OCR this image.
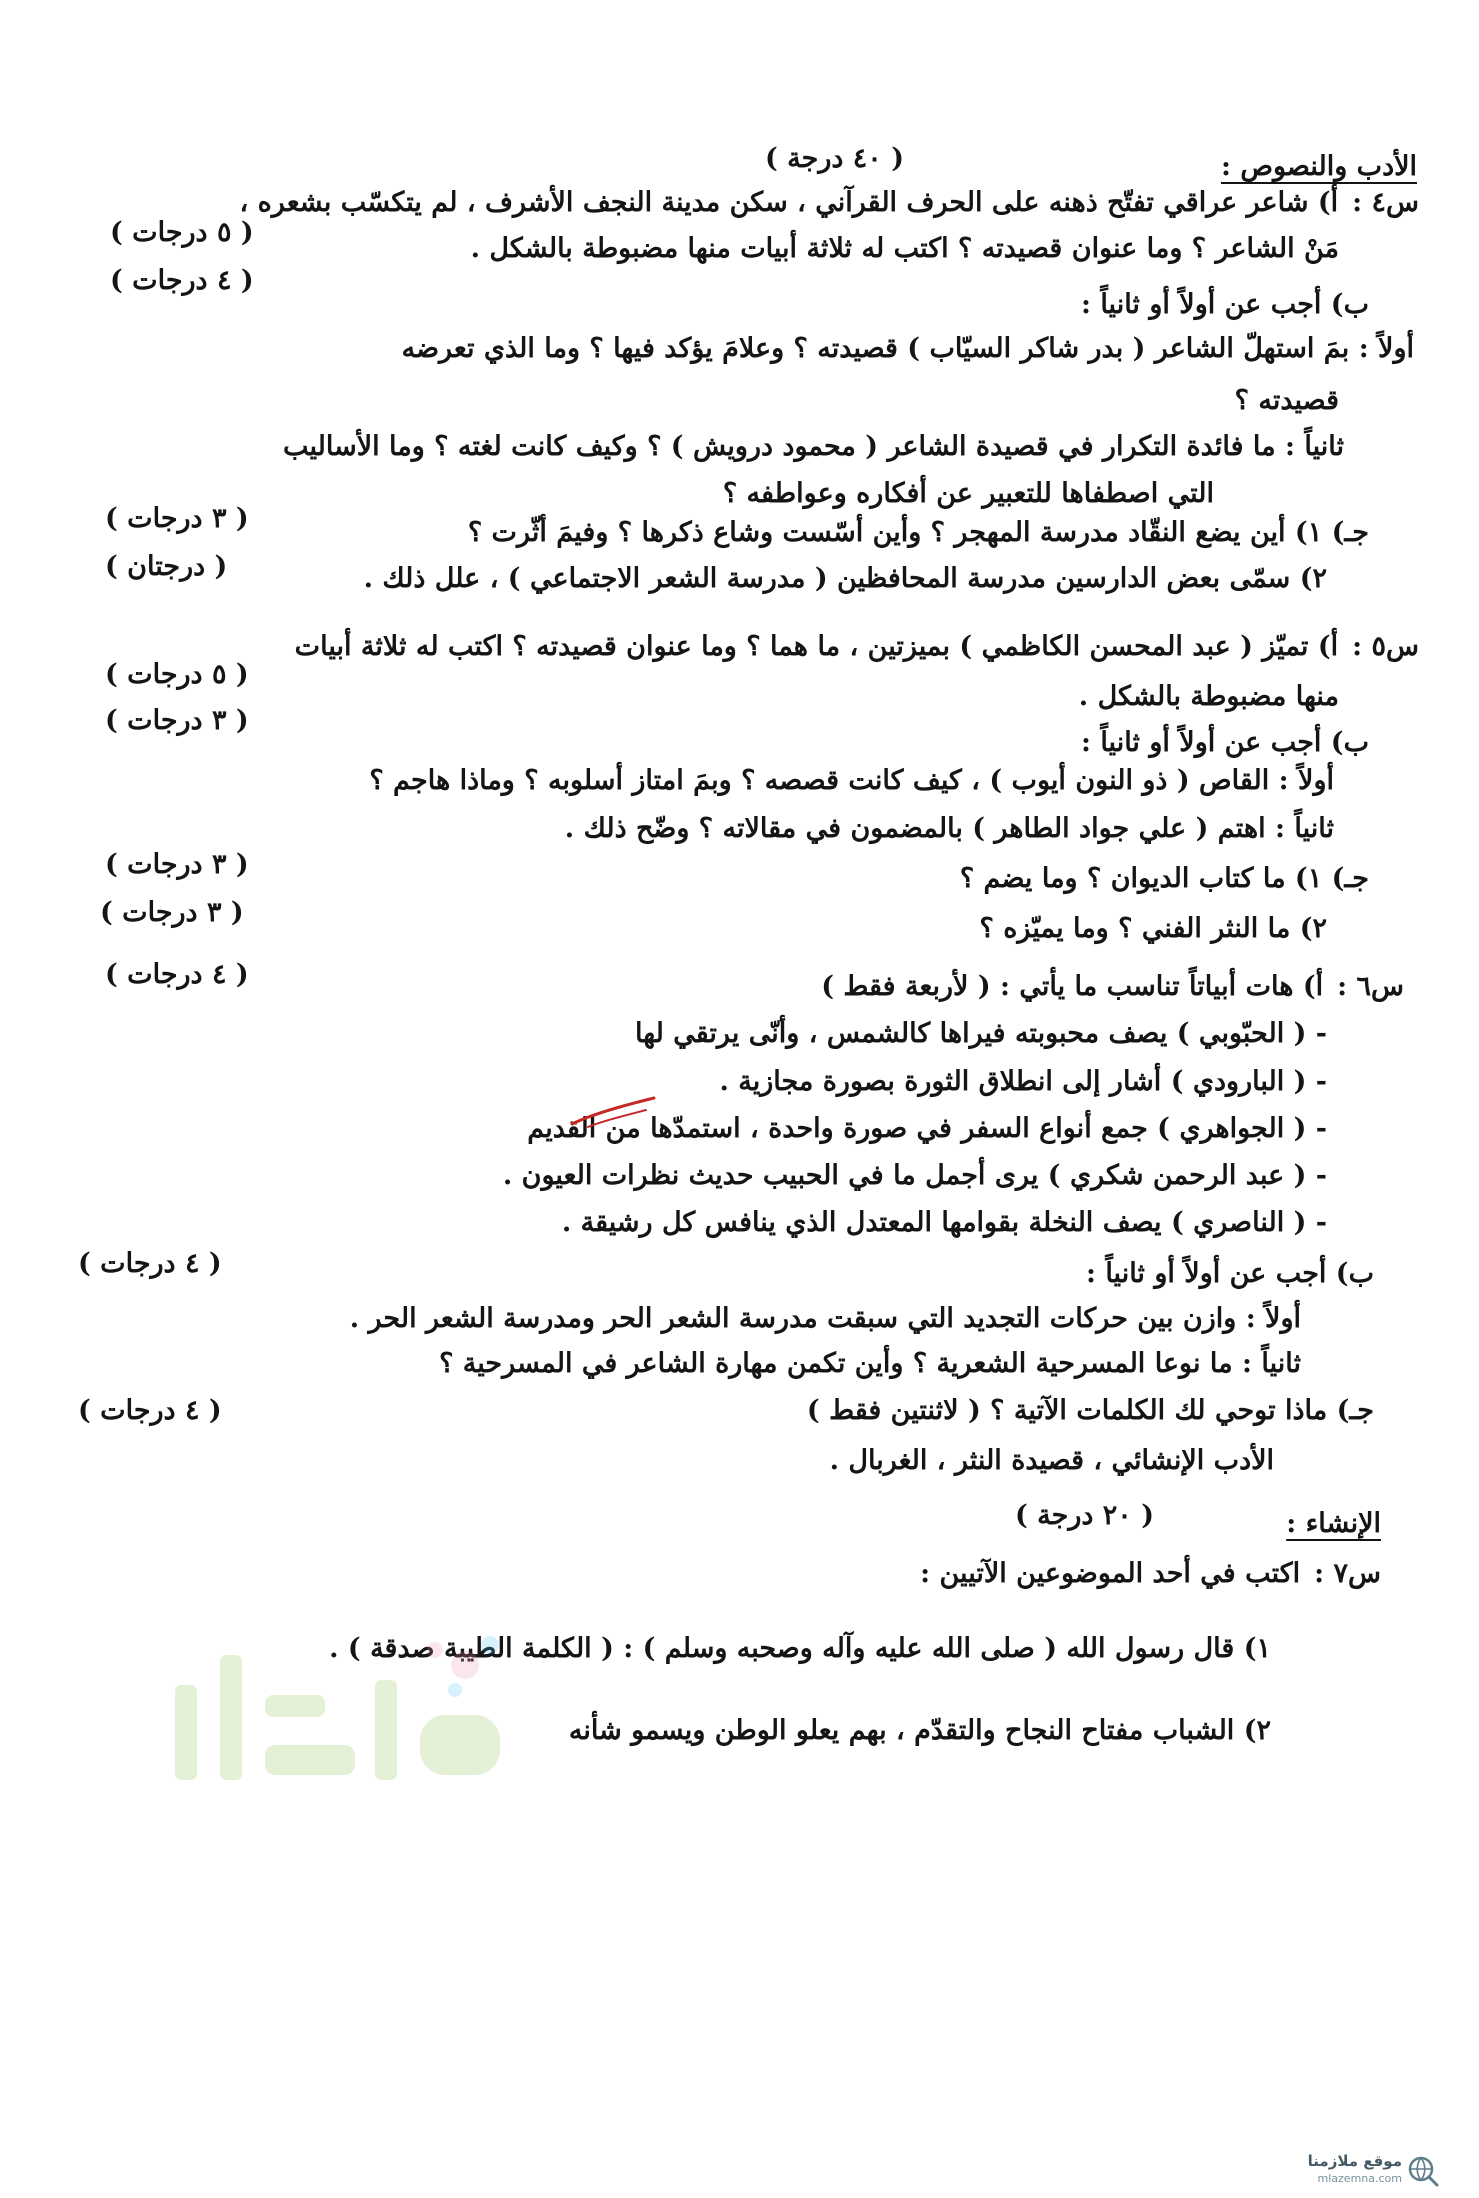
الأدب والنصوص :
( ٤٠ درجة )
س٤ :أ) شاعر عراقي تفتّح ذهنه على الحرف القرآني ، سكن مدينة النجف الأشرف ، لم يتكسّب بشعره ،
مَنْ الشاعر ؟ وما عنوان قصيدته ؟ اكتب له ثلاثة أبيات منها مضبوطة بالشكل .
( ٥ درجات )
( ٤ درجات )
ب) أجب عن أولاً أو ثانياً :
أولاً : بمَ استهلّ الشاعر ( بدر شاكر السيّاب ) قصيدته ؟ وعلامَ يؤكد فيها ؟ وما الذي تعرضه
قصيدته ؟
ثانياً : ما فائدة التكرار في قصيدة الشاعر ( محمود درويش ) ؟ وكيف كانت لغته ؟ وما الأساليب
التي اصطفاها للتعبير عن أفكاره وعواطفه ؟
جـ) ١) أين يضع النقّاد مدرسة المهجر ؟ وأين أسّست وشاع ذكرها ؟ وفيمَ أثّرت ؟
( ٣ درجات )
٢) سمّى بعض الدارسين مدرسة المحافظين ( مدرسة الشعر الاجتماعي ) ، علل ذلك .
( درجتان )
س٥ :أ) تميّز ( عبد المحسن الكاظمي ) بميزتين ، ما هما ؟ وما عنوان قصيدته ؟ اكتب له ثلاثة أبيات
منها مضبوطة بالشكل .
( ٥ درجات )
( ٣ درجات )
ب) أجب عن أولاً أو ثانياً :
أولاً : القاص ( ذو النون أيوب ) ، كيف كانت قصصه ؟ وبمَ امتاز أسلوبه ؟ وماذا هاجم ؟
ثانياً : اهتم ( علي جواد الطاهر ) بالمضمون في مقالاته ؟ وضّح ذلك .
جـ) ١) ما كتاب الديوان ؟ وما يضم ؟
( ٣ درجات )
٢) ما النثر الفني ؟ وما يميّزه ؟
( ٣ درجات )
س٦ :أ) هات أبياتاً تناسب ما يأتي : ( لأربعة فقط )
( ٤ درجات )
- ( الحبّوبي ) يصف محبوبته فيراها كالشمس ، وأنّى يرتقي لها
- ( البارودي ) أشار إلى انطلاق الثورة بصورة مجازية .
- ( الجواهري ) جمع أنواع السفر في صورة واحدة ، استمدّها من القديم
- ( عبد الرحمن شكري ) يرى أجمل ما في الحبيب حديث نظرات العيون .
- ( الناصري ) يصف النخلة بقوامها المعتدل الذي ينافس كل رشيقة .
ب) أجب عن أولاً أو ثانياً :
( ٤ درجات )
أولاً : وازن بين حركات التجديد التي سبقت مدرسة الشعر الحر ومدرسة الشعر الحر .
ثانياً : ما نوعا المسرحية الشعرية ؟ وأين تكمن مهارة الشاعر في المسرحية ؟
جـ) ماذا توحي لك الكلمات الآتية ؟ ( لاثنتين فقط )
( ٤ درجات )
الأدب الإنشائي ، قصيدة النثر ، الغربال .
الإنشاء :
( ٢٠ درجة )
س٧ :اكتب في أحد الموضوعين الآتيين :
١) قال رسول الله ( صلى الله عليه وآله وصحبه وسلم ) : ( الكلمة الطيبة صدقة ) .
٢) الشباب مفتاح النجاح والتقدّم ، بهم يعلو الوطن ويسمو شأنه
موقع ملازمنا
mlazemna.com
